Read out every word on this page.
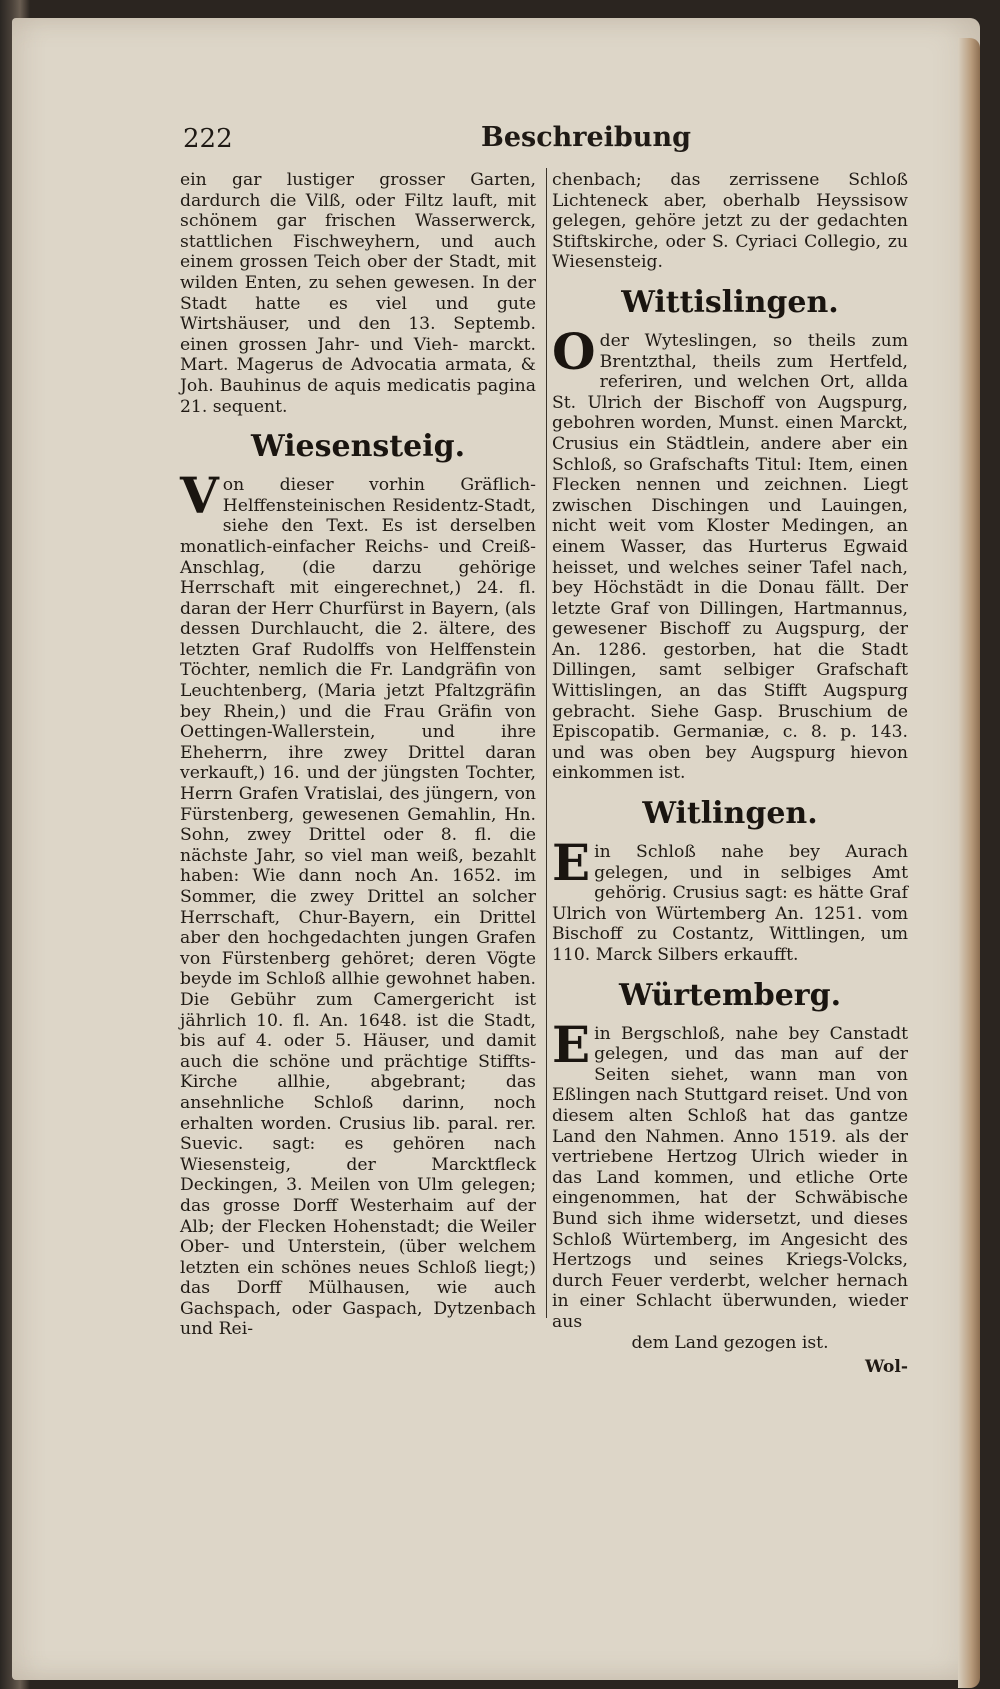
222	Beschreibung

ein gar lustiger grosser Garten, dardurch die Vilß, oder Filtz lauft, mit schönem gar frischen Wasserwerck, stattlichen Fischweyhern, und auch einem grossen Teich ober der Stadt, mit wilden Enten, zu sehen gewesen. In der Stadt hatte es viel und gute Wirtshäuser, und den 13. Septemb. einen grossen Jahr- und Vieh- marckt. Mart. Magerus de Advocatia armata, & Joh. Bauhinus de aquis medicatis pagina 21. sequent.

Wiesensteig.

Von dieser vorhin Gräflich-Helffensteinischen Residentz-Stadt, siehe den Text. Es ist derselben monatlich-einfacher Reichs- und Creiß-Anschlag, (die darzu gehörige Herrschaft mit eingerechnet,) 24. fl. daran der Herr Churfürst in Bayern, (als dessen Durchlaucht, die 2. ältere, des letzten Graf Rudolffs von Helffenstein Töchter, nemlich die Fr. Landgräfin von Leuchtenberg, (Maria jetzt Pfaltzgräfin bey Rhein,) und die Frau Gräfin von Oettingen-Wallerstein, und ihre Eheherrn, ihre zwey Drittel daran verkauft,) 16. und der jüngsten Tochter, Herrn Grafen Vratislai, des jüngern, von Fürstenberg, gewesenen Gemahlin, Hn. Sohn, zwey Drittel oder 8. fl. die nächste Jahr, so viel man weiß, bezahlt haben: Wie dann noch An. 1652. im Sommer, die zwey Drittel an solcher Herrschaft, Chur-Bayern, ein Drittel aber den hochgedachten jungen Grafen von Fürstenberg gehöret; deren Vögte beyde im Schloß allhie gewohnet haben. Die Gebühr zum Camergericht ist jährlich 10. fl. An. 1648. ist die Stadt, bis auf 4. oder 5. Häuser, und damit auch die schöne und prächtige Stiffts-Kirche allhie, abgebrant; das ansehnliche Schloß darinn, noch erhalten worden. Crusius lib. paral. rer. Suevic. sagt: es gehören nach Wiesensteig, der Marcktfleck Deckingen, 3. Meilen von Ulm gelegen; das grosse Dorff Westerhaim auf der Alb; der Flecken Hohenstadt; die Weiler Ober- und Unterstein, (über welchem letzten ein schönes neues Schloß liegt;) das Dorff Mülhausen, wie auch Gachspach, oder Gaspach, Dytzenbach und Rei-

chenbach; das zerrissene Schloß Lichteneck aber, oberhalb Heyssisow gelegen, gehöre jetzt zu der gedachten Stiftskirche, oder S. Cyriaci Collegio, zu Wiesensteig.

Wittislingen.

Oder Wyteslingen, so theils zum Brentzthal, theils zum Hertfeld, referiren, und welchen Ort, allda St. Ulrich der Bischoff von Augspurg, gebohren worden, Munst. einen Marckt, Crusius ein Städtlein, andere aber ein Schloß, so Grafschafts Titul: Item, einen Flecken nennen und zeichnen. Liegt zwischen Dischingen und Lauingen, nicht weit vom Kloster Medingen, an einem Wasser, das Hurterus Egwaid heisset, und welches seiner Tafel nach, bey Höchstädt in die Donau fällt. Der letzte Graf von Dillingen, Hartmannus, gewesener Bischoff zu Augspurg, der An. 1286. gestorben, hat die Stadt Dillingen, samt selbiger Grafschaft Wittislingen, an das Stifft Augspurg gebracht. Siehe Gasp. Bruschium de Episcopatib. Germaniæ, c. 8. p. 143. und was oben bey Augspurg hievon einkommen ist.

Witlingen.

Ein Schloß nahe bey Aurach gelegen, und in selbiges Amt gehörig. Crusius sagt: es hätte Graf Ulrich von Würtemberg An. 1251. vom Bischoff zu Costantz, Wittlingen, um 110. Marck Silbers erkaufft.

Würtemberg.

Ein Bergschloß, nahe bey Canstadt gelegen, und das man auf der Seiten siehet, wann man von Eßlingen nach Stuttgard reiset. Und von diesem alten Schloß hat das gantze Land den Nahmen. Anno 1519. als der vertriebene Hertzog Ulrich wieder in das Land kommen, und etliche Orte eingenommen, hat der Schwäbische Bund sich ihme widersetzt, und dieses Schloß Würtemberg, im Angesicht des Hertzogs und seines Kriegs-Volcks, durch Feuer verderbt, welcher hernach in einer Schlacht überwunden, wieder aus

dem Land gezogen ist.

Wol-
